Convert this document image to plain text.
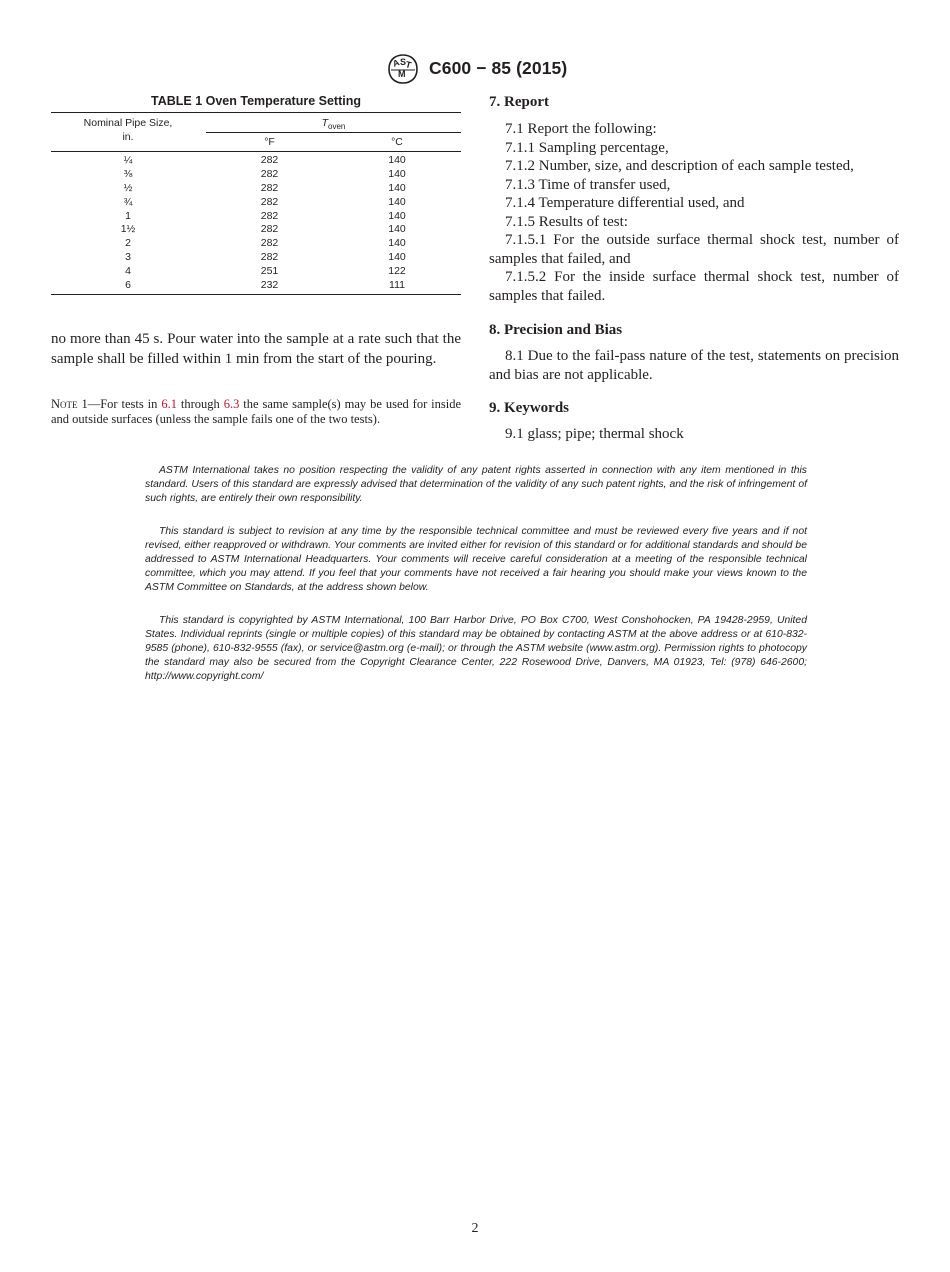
A S
T
M C600 − 85 (2015)
TABLE 1 Oven Temperature Setting
Nominal Pipe Size,
in.
$T_{oven}$
°F	°C
¼	282	140
⅜	282	140
½	282	140
¾	282	140
1	282	140
1½	282	140
2	282	140
3	282	140
4	251	122
6	232	111
no more than 45 s. Pour water into the sample at a rate such that the sample shall be filled within 1 min from the start of the pouring.
Note 1—For tests in 6.1 through 6.3 the same sample(s) may be used for inside and outside surfaces (unless the sample fails one of the two tests).
7. Report
7.1 Report the following:
7.1.1 Sampling percentage,
7.1.2 Number, size, and description of each sample tested,
7.1.3 Time of transfer used,
7.1.4 Temperature differential used, and
7.1.5 Results of test:
7.1.5.1 For the outside surface thermal shock test, number of samples that failed, and
7.1.5.2 For the inside surface thermal shock test, number of samples that failed.
8. Precision and Bias
8.1 Due to the fail-pass nature of the test, statements on precision and bias are not applicable.
9. Keywords
9.1 glass; pipe; thermal shock

ASTM International takes no position respecting the validity of any patent rights asserted in connection with any item mentioned in this standard. Users of this standard are expressly advised that determination of the validity of any such patent rights, and the risk of infringement of such rights, are entirely their own responsibility.

This standard is subject to revision at any time by the responsible technical committee and must be reviewed every five years and if not revised, either reapproved or withdrawn. Your comments are invited either for revision of this standard or for additional standards and should be addressed to ASTM International Headquarters. Your comments will receive careful consideration at a meeting of the responsible technical committee, which you may attend. If you feel that your comments have not received a fair hearing you should make your views known to the ASTM Committee on Standards, at the address shown below.

This standard is copyrighted by ASTM International, 100 Barr Harbor Drive, PO Box C700, West Conshohocken, PA 19428-2959, United States. Individual reprints (single or multiple copies) of this standard may be obtained by contacting ASTM at the above address or at 610-832-9585 (phone), 610-832-9555 (fax), or service@astm.org (e-mail); or through the ASTM website (www.astm.org). Permission rights to photocopy the standard may also be secured from the Copyright Clearance Center, 222 Rosewood Drive, Danvers, MA 01923, Tel: (978) 646-2600; http://www.copyright.com/

2
